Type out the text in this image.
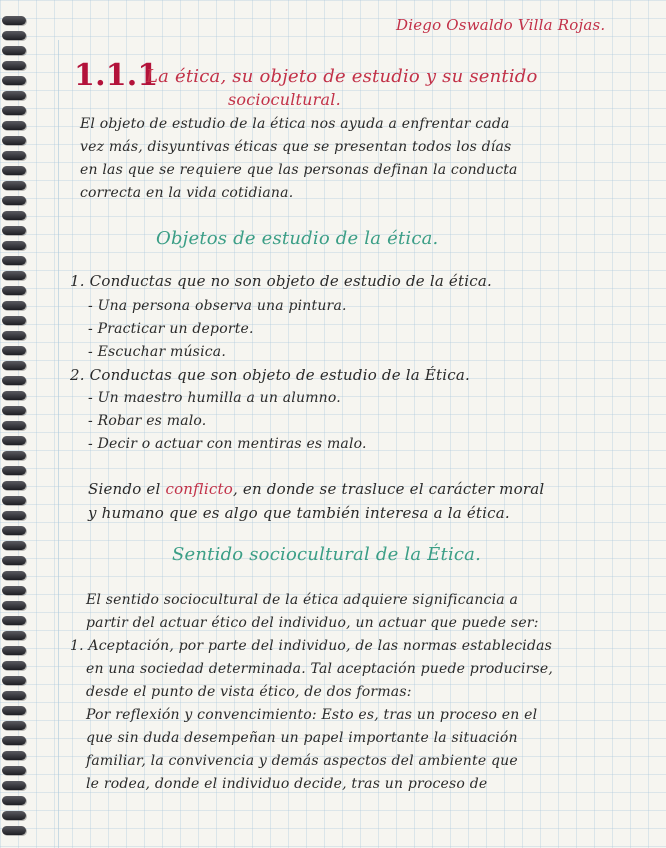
Diego Oswaldo Villa Rojas.
1.1.1
La ética, su objeto de estudio y su sentido
sociocultural.
El objeto de estudio de la ética nos ayuda a enfrentar cada
vez más, disyuntivas éticas que se presentan todos los días
en las que se requiere que las personas definan la conducta
correcta en la vida cotidiana.
Objetos de estudio de la ética.
1. Conductas que no son objeto de estudio de la ética.
- Una persona observa una pintura.
- Practicar un deporte.
- Escuchar música.
2. Conductas que son objeto de estudio de la Ética.
- Un maestro humilla a un alumno.
- Robar es malo.
- Decir o actuar con mentiras es malo.
Siendo el conflicto, en donde se trasluce el carácter moral
y humano que es algo que también interesa a la ética.
Sentido sociocultural de la Ética.
El sentido sociocultural de la ética adquiere significancia a
partir del actuar ético del individuo, un actuar que puede ser:
1. Aceptación, por parte del individuo, de las normas establecidas
en una sociedad determinada. Tal aceptación puede producirse,
desde el punto de vista ético, de dos formas:
Por reflexión y convencimiento: Esto es, tras un proceso en el
que sin duda desempeñan un papel importante la situación
familiar, la convivencia y demás aspectos del ambiente que
le rodea, donde el individuo decide, tras un proceso de
